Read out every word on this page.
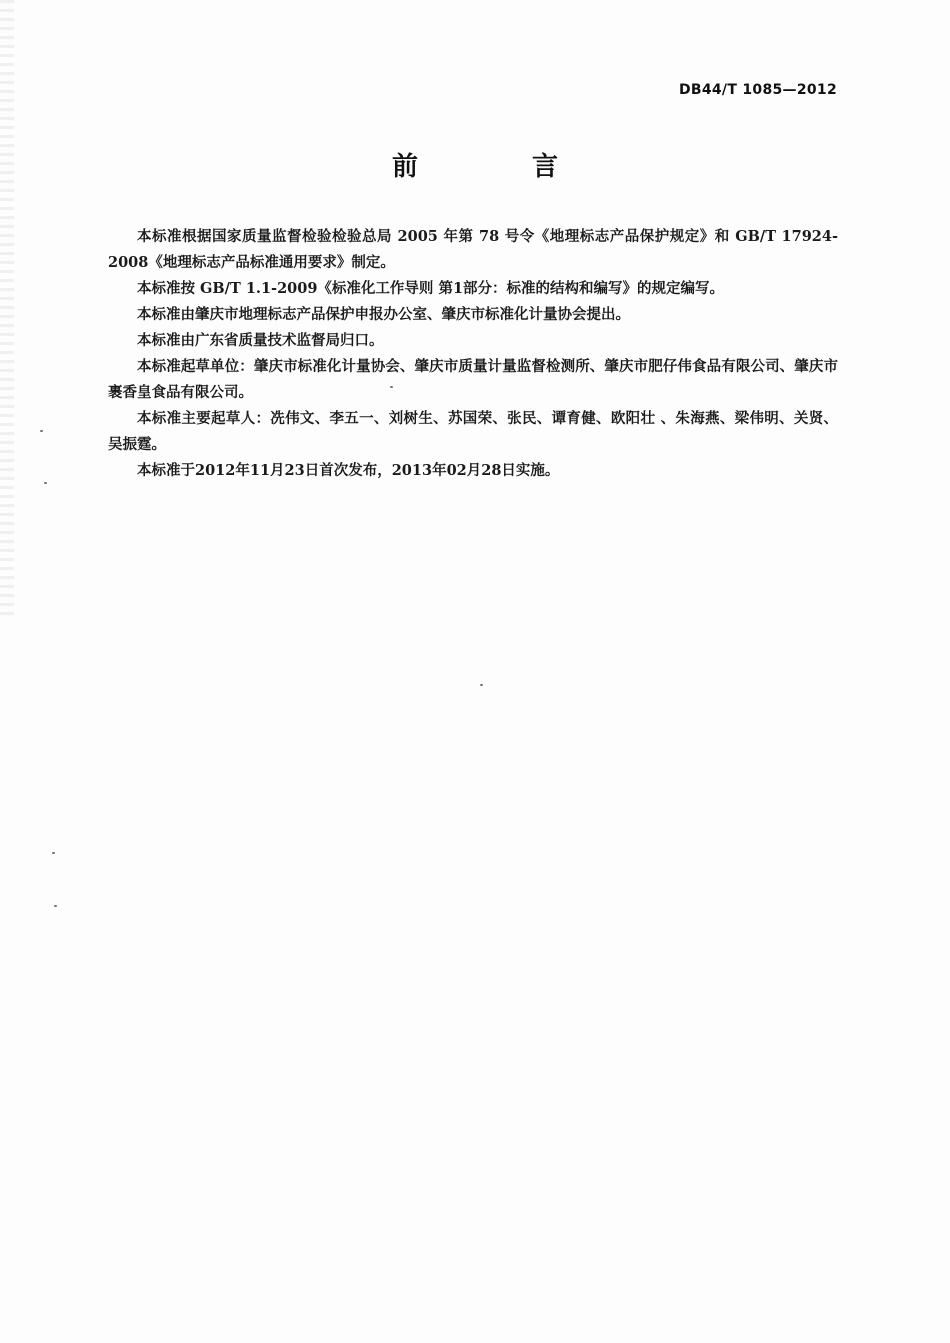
DB44/T 1085—2012
前　言

本标准根据国家质量监督检验检验总局 2005 年第 78 号令《地理标志产品保护规定》和 GB/T 17924-2008《地理标志产品标准通用要求》制定。

本标准按 GB/T 1.1-2009《标准化工作导则 第1部分：标准的结构和编写》的规定编写。

本标准由肇庆市地理标志产品保护申报办公室、肇庆市标准化计量协会提出。

本标准由广东省质量技术监督局归口。

本标准起草单位：肇庆市标准化计量协会、肇庆市质量计量监督检测所、肇庆市肥仔伟食品有限公司、肇庆市裹香皇食品有限公司。

本标准主要起草人：冼伟文、李五一、刘树生、苏国荣、张民、谭育健、欧阳壮 、朱海燕、梁伟明、关贤、吴振霆。

本标准于2012年11月23日首次发布，2013年02月28日实施。
